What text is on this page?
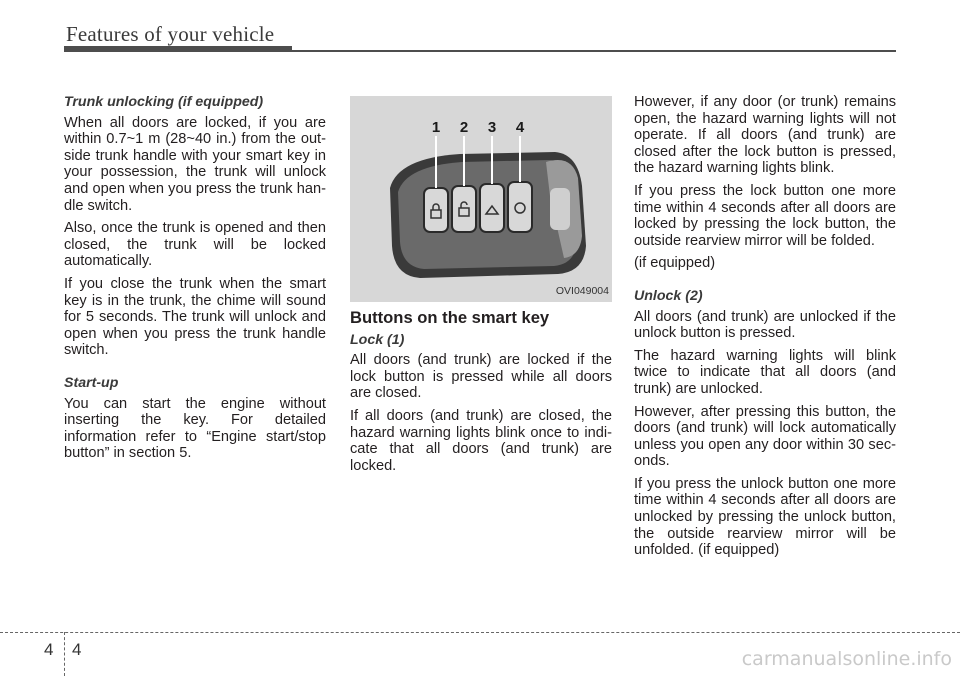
Features of your vehicle
Trunk unlocking (if equipped)

When all doors are locked, if you are within 0.7~1 m (28~40 in.) from the outside trunk handle with your smart key in your possession, the trunk will unlock and open when you press the trunk handle switch.

Also, once the trunk is opened and then closed, the trunk will be locked automatically.

If you close the trunk when the smart key is in the trunk, the chime will sound for 5 seconds. The trunk will unlock and open when you press the trunk handle switch.

Start-up

You can start the engine without inserting the key. For detailed information refer to “Engine start/stop button” in section 5.

1 2 3 4
OVI049004
Buttons on the smart key
Lock (1)

All doors (and trunk) are locked if the lock button is pressed while all doors are closed.

If all doors (and trunk) are closed, the hazard warning lights blink once to indicate that all doors (and trunk) are locked.

However, if any door (or trunk) remains open, the hazard warning lights will not operate. If all doors (and trunk) are closed after the lock button is pressed, the hazard warning lights blink.

If you press the lock button one more time within 4 seconds after all doors are locked by pressing the lock button, the outside rearview mirror will be folded.

(if equipped)

Unlock (2)

All doors (and trunk) are unlocked if the unlock button is pressed.

The hazard warning lights will blink twice to indicate that all doors (and trunk) are unlocked.

However, after pressing this button, the doors (and trunk) will lock automatically unless you open any door within 30 seconds.

If you press the unlock button one more time within 4 seconds after all doors are unlocked by pressing the unlock button, the outside rearview mirror will be unfolded. (if equipped)

4 4	carmanualsonline.info
